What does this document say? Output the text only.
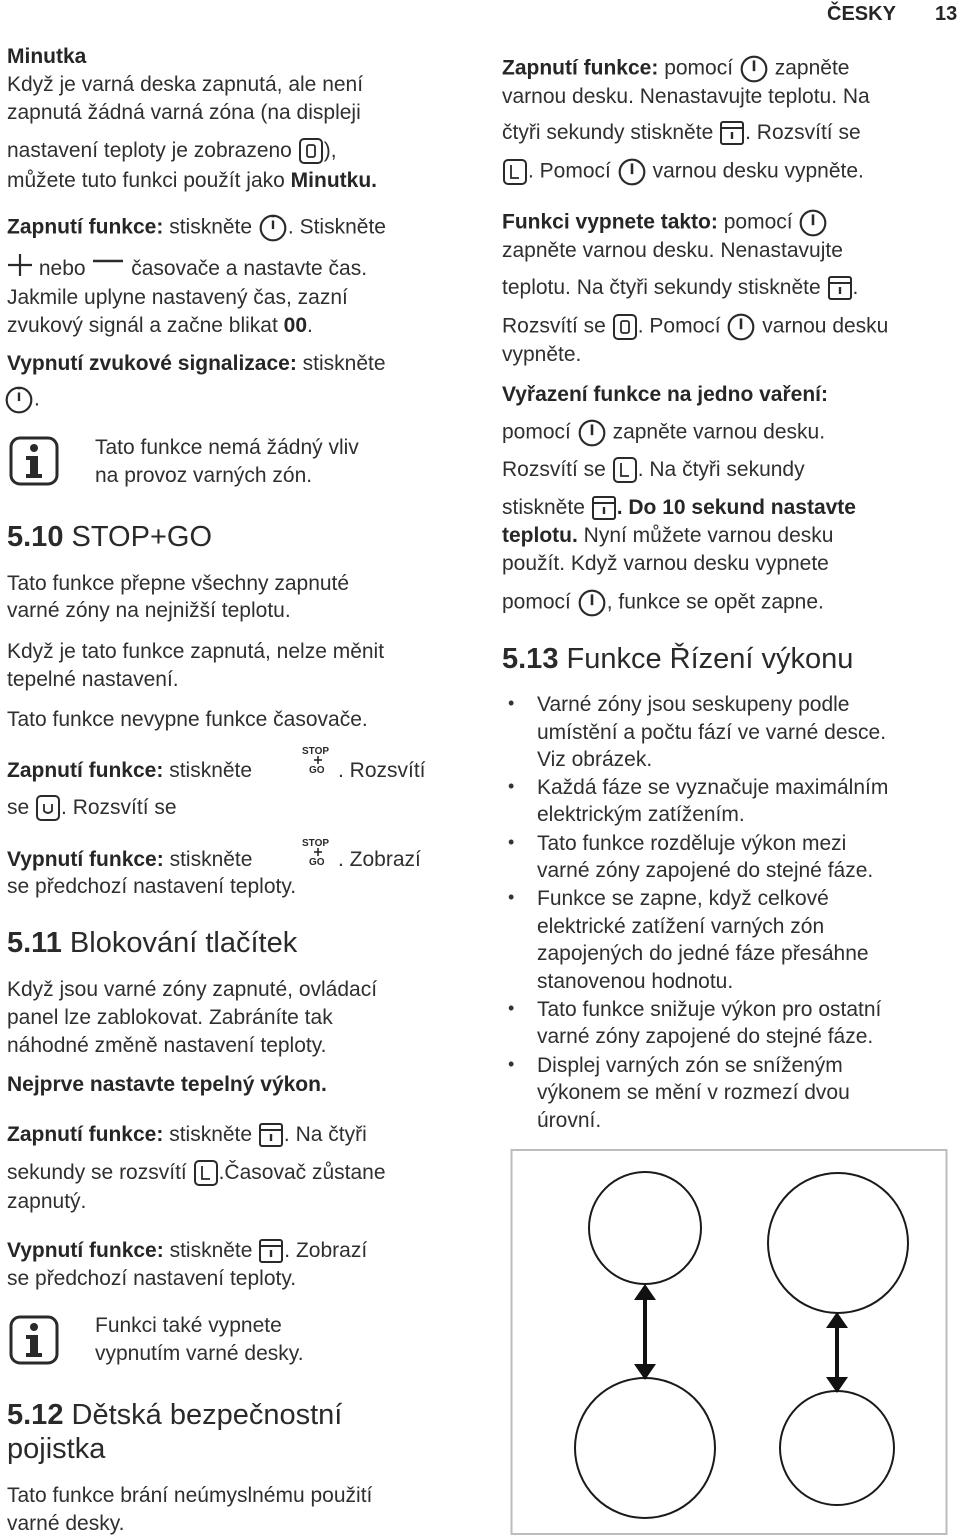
ČESKY 13
Minutka
Když je varná deska zapnutá, ale není
zapnutá žádná varná zóna (na displeji
nastavení teploty je zobrazeno ),
můžete tuto funkci použít jako Minutku.
Zapnutí funkce: stiskněte . Stiskněte
nebo časovače a nastavte čas.
Jakmile uplyne nastavený čas, zazní
zvukový signál a začne blikat 00.
Vypnutí zvukové signalizace: stiskněte
.
Tato funkce nemá žádný vliv
na provoz varných zón.
5.10 STOP+GO
Tato funkce přepne všechny zapnuté
varné zóny na nejnižší teplotu.
Když je tato funkce zapnutá, nelze měnit
tepelné nastavení.
Tato funkce nevypne funkce časovače.
Zapnutí funkce: stiskněte	. Rozsvítí
se . Rozsvítí se
Vypnutí funkce: stiskněte	. Zobrazí
se předchozí nastavení teploty.
5.11 Blokování tlačítek
Když jsou varné zóny zapnuté, ovládací
panel lze zablokovat. Zabráníte tak
náhodné změně nastavení teploty.
Nejprve nastavte tepelný výkon.
Zapnutí funkce: stiskněte . Na čtyři
sekundy se rozsvítí .Časovač zůstane
zapnutý.
Vypnutí funkce: stiskněte . Zobrazí
se předchozí nastavení teploty.
Funkci také vypnete
vypnutím varné desky.
5.12 Dětská bezpečnostní
pojistka
Tato funkce brání neúmyslnému použití
varné desky.
Zapnutí funkce: pomocí zapněte
varnou desku. Nenastavujte teplotu. Na
čtyři sekundy stiskněte . Rozsvítí se
. Pomocí varnou desku vypněte.
Funkci vypnete takto: pomocí
zapněte varnou desku. Nenastavujte
teplotu. Na čtyři sekundy stiskněte .
Rozsvítí se . Pomocí varnou desku
vypněte.
Vyřazení funkce na jedno vaření:
pomocí zapněte varnou desku.
Rozsvítí se . Na čtyři sekundy
stiskněte . Do 10 sekund nastavte
teplotu. Nyní můžete varnou desku
použít. Když varnou desku vypnete
pomocí , funkce se opět zapne.
5.13 Funkce Řízení výkonu
• Varné zóny jsou seskupeny podle
umístění a počtu fází ve varné desce.
Viz obrázek.
• Každá fáze se vyznačuje maximálním
elektrickým zatížením.
• Tato funkce rozděluje výkon mezi
varné zóny zapojené do stejné fáze.
• Funkce se zapne, když celkové
elektrické zatížení varných zón
zapojených do jedné fáze přesáhne
stanovenou hodnotu.
• Tato funkce snižuje výkon pro ostatní
varné zóny zapojené do stejné fáze.
• Displej varných zón se sníženým
výkonem se mění v rozmezí dvou
úrovní.
